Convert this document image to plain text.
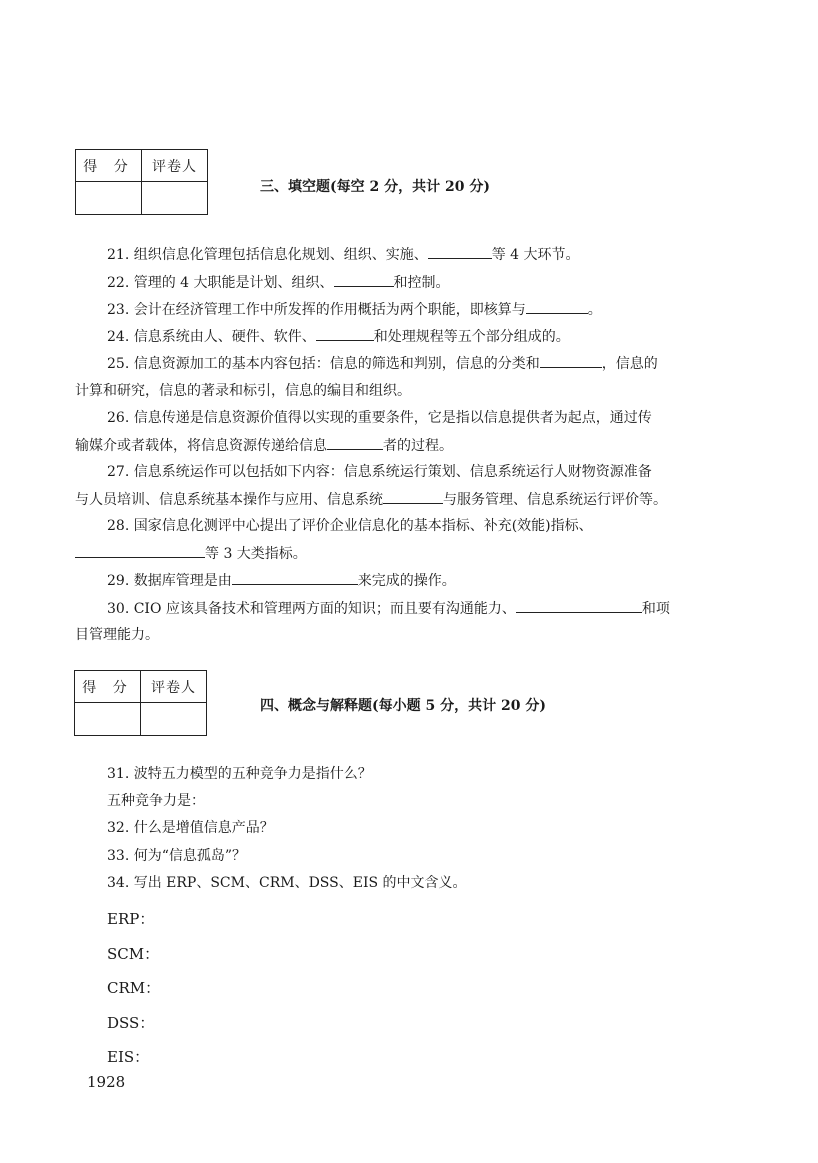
得 分	评卷人

三、填空题(每空 2 分，共计 20 分)
21. 组织信息化管理包括信息化规划、组织、实施、	等 4 大环节。
22. 管理的 4 大职能是计划、组织、	和控制。
23. 会计在经济管理工作中所发挥的作用概括为两个职能，即核算与	。
24. 信息系统由人、硬件、软件、	和处理规程等五个部分组成的。
25. 信息资源加工的基本内容包括：信息的筛选和判别，信息的分类和	，信息的
计算和研究，信息的著录和标引，信息的编目和组织。
26. 信息传递是信息资源价值得以实现的重要条件，它是指以信息提供者为起点，通过传
输媒介或者载体，将信息资源传递给信息	者的过程。
27. 信息系统运作可以包括如下内容：信息系统运行策划、信息系统运行人财物资源准备
与人员培训、信息系统基本操作与应用、信息系统	与服务管理、信息系统运行评价等。
28. 国家信息化测评中心提出了评价企业信息化的基本指标、补充(效能)指标、
等 3 大类指标。
29. 数据库管理是由	来完成的操作。
30. CIO 应该具备技术和管理两方面的知识；而且要有沟通能力、	和项
目管理能力。
得 分	评卷人

四、概念与解释题(每小题 5 分，共计 20 分)
31. 波特五力模型的五种竞争力是指什么？
五种竞争力是：
32. 什么是增值信息产品？
33. 何为“信息孤岛”？
34. 写出 ERP、SCM、CRM、DSS、EIS 的中文含义。
ERP：
SCM：
CRM：
DSS：
EIS：
1928
